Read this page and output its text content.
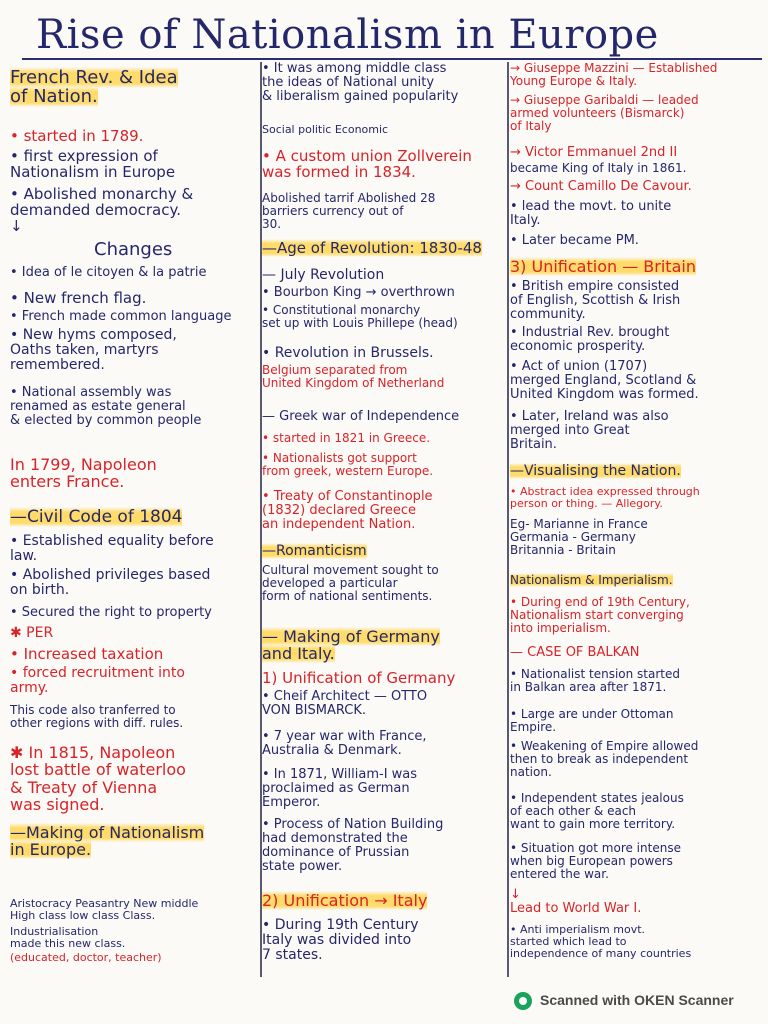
Rise of Nationalism in Europe
French Rev. & Idea
of Nation.
• started in 1789.
• first expression of
Nationalism in Europe
• Abolished monarchy &
demanded democracy.
↓
Changes
• Idea of le citoyen & la patrie
• New french flag.
• French made common language
• New hyms composed,
Oaths taken, martyrs
remembered.
• National assembly was
renamed as estate general
& elected by common people
In 1799, Napoleon
enters France.
—Civil Code of 1804
• Established equality before
law.
• Abolished privileges based
on birth.
• Secured the right to property
✱ PER
• Increased taxation
• forced recruitment into
army.
This code also tranferred to
other regions with diff. rules.
✱ In 1815, Napoleon
lost battle of waterloo
& Treaty of Vienna
was signed.
—Making of Nationalism
in Europe.
Aristocracy Peasantry New middle
High class low class Class.
Industrialisation
made this new class.
(educated, doctor, teacher)
• It was among middle class
the ideas of National unity
& liberalism gained popularity
Social politic Economic
• A custom union Zollverein
was formed in 1834.
Abolished tarrif Abolished 28
barriers currency out of
30.
—Age of Revolution: 1830-48
— July Revolution
• Bourbon King → overthrown
• Constitutional monarchy
set up with Louis Phillepe (head)
• Revolution in Brussels.
Belgium separated from
United Kingdom of Netherland
— Greek war of Independence
• started in 1821 in Greece.
• Nationalists got support
from greek, western Europe.
• Treaty of Constantinople
(1832) declared Greece
an independent Nation.
—Romanticism
Cultural movement sought to
developed a particular
form of national sentiments.
— Making of Germany
and Italy.
1) Unification of Germany
• Cheif Architect — OTTO
VON BISMARCK.
• 7 year war with France,
Australia & Denmark.
• In 1871, William-I was
proclaimed as German
Emperor.
• Process of Nation Building
had demonstrated the
dominance of Prussian
state power.
2) Unification → Italy
• During 19th Century
Italy was divided into
7 states.
→ Giuseppe Mazzini — Established
Young Europe & Italy.
→ Giuseppe Garibaldi — leaded
armed volunteers (Bismarck)
of Italy
→ Victor Emmanuel 2nd II
became King of Italy in 1861.
→ Count Camillo De Cavour.
• lead the movt. to unite
Italy.
• Later became PM.
3) Unification — Britain
• British empire consisted
of English, Scottish & Irish
community.
• Industrial Rev. brought
economic prosperity.
• Act of union (1707)
merged England, Scotland &
United Kingdom was formed.
• Later, Ireland was also
merged into Great
Britain.
—Visualising the Nation.
• Abstract idea expressed through
person or thing. — Allegory.
Eg- Marianne in France
Germania - Germany
Britannia - Britain
Nationalism & Imperialism.
• During end of 19th Century,
Nationalism start converging
into imperialism.
— CASE OF BALKAN
• Nationalist tension started
in Balkan area after 1871.
• Large are under Ottoman
Empire.
• Weakening of Empire allowed
then to break as independent
nation.
• Independent states jealous
of each other & each
want to gain more territory.
• Situation got more intense
when big European powers
entered the war.
↓
Lead to World War I.
• Anti imperialism movt.
started which lead to
independence of many countries
Scanned with OKEN Scanner
